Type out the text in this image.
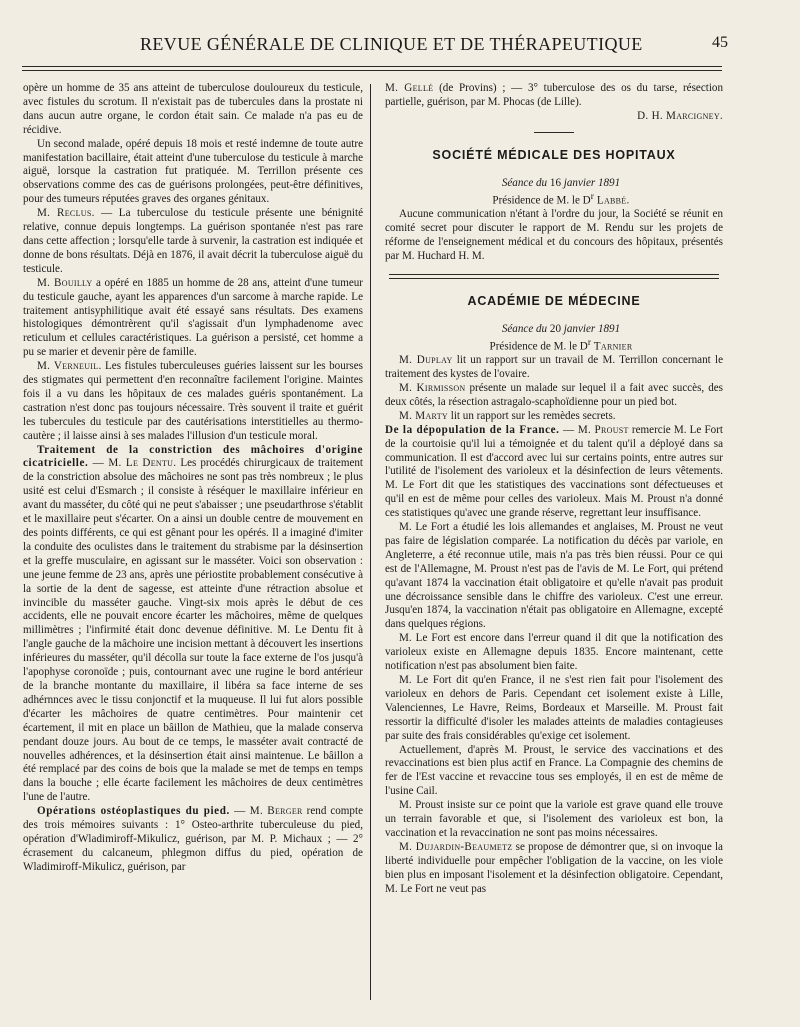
REVUE GÉNÉRALE DE CLINIQUE ET DE THÉRAPEUTIQUE	45

opère un homme de 35 ans atteint de tuberculose douloureux du testicule, avec fistules du scrotum. Il n'existait pas de tubercules dans la prostate ni dans aucun autre organe, le cordon était sain. Ce malade n'a pas eu de récidive.

Un second malade, opéré depuis 18 mois et resté indemne de toute autre manifestation bacillaire, était atteint d'une tuberculose du testicule à marche aiguë, lorsque la castration fut pratiquée. M. Terrillon présente ces observations comme des cas de guérisons prolongées, peut-être définitives, pour des tumeurs réputées graves des organes génitaux.

M. Reclus. — La tuberculose du testicule présente une bénignité relative, connue depuis longtemps. La guérison spontanée n'est pas rare dans cette affection ; lorsqu'elle tarde à survenir, la castration est indiquée et donne de bons résultats. Déjà en 1876, il avait décrit la tuberculose aiguë du testicule.

M. Bouilly a opéré en 1885 un homme de 28 ans, atteint d'une tumeur du testicule gauche, ayant les apparences d'un sarcome à marche rapide. Le traitement antisyphilitique avait été essayé sans résultats. Des examens histologiques démontrèrent qu'il s'agissait d'un lymphadenome avec reticulum et cellules caractéristiques. La guérison a persisté, cet homme a pu se marier et devenir père de famille.

M. Verneuil. Les fistules tuberculeuses guéries laissent sur les bourses des stigmates qui permettent d'en reconnaître facilement l'origine. Maintes fois il a vu dans les hôpitaux de ces malades guéris spontanément. La castration n'est donc pas toujours nécessaire. Très souvent il traite et guérit les tubercules du testicule par des cautérisations interstitielles au thermo-cautère ; il laisse ainsi à ses malades l'illusion d'un testicule moral.

Traitement de la constriction des mâchoires d'origine cicatricielle. — M. Le Dentu. Les procédés chirurgicaux de traitement de la constriction absolue des mâchoires ne sont pas très nombreux ; le plus usité est celui d'Esmarch ; il consiste à réséquer le maxillaire inférieur en avant du masséter, du côté qui ne peut s'abaisser ; une pseudarthrose s'établit et le maxillaire peut s'écarter. On a ainsi un double centre de mouvement en des points différents, ce qui est gênant pour les opérés. Il a imaginé d'imiter la conduite des oculistes dans le traitement du strabisme par la désinsertion et la greffe musculaire, en agissant sur le masséter. Voici son observation : une jeune femme de 23 ans, après une périostite probablement consécutive à la sortie de la dent de sagesse, est atteinte d'une rétraction absolue et invincible du masséter gauche. Vingt-six mois après le début de ces accidents, elle ne pouvait encore écarter les mâchoires, même de quelques millimètres ; l'infirmité était donc devenue définitive. M. Le Dentu fit à l'angle gauche de la mâchoire une incision mettant à découvert les insertions inférieures du masséter, qu'il décolla sur toute la face externe de l'os jusqu'à l'apophyse coronoïde ; puis, contournant avec une rugine le bord antérieur de la branche montante du maxillaire, il libéra sa face interne de ses adhérnnces avec le tissu conjonctif et la muqueuse. Il lui fut alors possible d'écarter les mâchoires de quatre centimètres. Pour maintenir cet écartement, il mit en place un bâillon de Mathieu, que la malade conserva pendant douze jours. Au bout de ce temps, le masséter avait contracté de nouvelles adhérences, et la désinsertion était ainsi maintenue. Le bâillon a été remplacé par des coins de bois que la malade se met de temps en temps dans la bouche ; elle écarte facilement les mâchoires de deux centimètres l'une de l'autre.

Opérations ostéoplastiques du pied. — M. Berger rend compte des trois mémoires suivants : 1° Osteo-arthrite tuberculeuse du pied, opération d'Wladimiroff-Mikulicz, guérison, par M. P. Michaux ; — 2° écrasement du calcaneum, phlegmon diffus du pied, opération de Wladimiroff-Mikulicz, guérison, par

M. Gellé (de Provins) ; — 3° tuberculose des os du tarse, résection partielle, guérison, par M. Phocas (de Lille).

D. H. Marcigney.

SOCIÉTÉ MÉDICALE DES HOPITAUX

Séance du 16 janvier 1891

Présidence de M. le $D^r$ Labbé.

Aucune communication n'étant à l'ordre du jour, la Société se réunit en comité secret pour discuter le rapport de M. Rendu sur les projets de réforme de l'enseignement médical et du concours des hôpitaux, présentés par M. Huchard H. M.

ACADÉMIE DE MÉDECINE

Séance du 20 janvier 1891

Présidence de M. le $D^r$ Tarnier

M. Duplay lit un rapport sur un travail de M. Terrillon concernant le traitement des kystes de l'ovaire.

M. Kirmisson présente un malade sur lequel il a fait avec succès, des deux côtés, la résection astragalo-scaphoïdienne pour un pied bot.

M. Marty lit un rapport sur les remèdes secrets.

De la dépopulation de la France. — M. Proust remercie M. Le Fort de la courtoisie qu'il lui a témoignée et du talent qu'il a déployé dans sa communication. Il est d'accord avec lui sur certains points, entre autres sur l'utilité de l'isolement des varioleux et la désinfection de leurs vêtements. M. Le Fort dit que les statistiques des vaccinations sont défectueuses et qu'il en est de même pour celles des varioleux. Mais M. Proust n'a donné ces statistiques qu'avec une grande réserve, regrettant leur insuffisance.

M. Le Fort a étudié les lois allemandes et anglaises, M. Proust ne veut pas faire de législation comparée. La notification du décès par variole, en Angleterre, a été reconnue utile, mais n'a pas très bien réussi. Pour ce qui est de l'Allemagne, M. Proust n'est pas de l'avis de M. Le Fort, qui prétend qu'avant 1874 la vaccination était obligatoire et qu'elle n'avait pas produit une décroissance sensible dans le chiffre des varioleux. C'est une erreur. Jusqu'en 1874, la vaccination n'était pas obligatoire en Allemagne, excepté dans quelques régions.

M. Le Fort est encore dans l'erreur quand il dit que la notification des varioleux existe en Allemagne depuis 1835. Encore maintenant, cette notification n'est pas absolument bien faite.

M. Le Fort dit qu'en France, il ne s'est rien fait pour l'isolement des varioleux en dehors de Paris. Cependant cet isolement existe à Lille, Valenciennes, Le Havre, Reims, Bordeaux et Marseille. M. Proust fait ressortir la difficulté d'isoler les malades atteints de maladies contagieuses par suite des frais considérables qu'exige cet isolement.

Actuellement, d'après M. Proust, le service des vaccinations et des revaccinations est bien plus actif en France. La Compagnie des chemins de fer de l'Est vaccine et revaccine tous ses employés, il en est de même de l'usine Cail.

M. Proust insiste sur ce point que la variole est grave quand elle trouve un terrain favorable et que, si l'isolement des varioleux est bon, la vaccination et la revaccination ne sont pas moins nécessaires.

M. Dujardin-Beaumetz se propose de démontrer que, si on invoque la liberté individuelle pour empêcher l'obligation de la vaccine, on les viole bien plus en imposant l'isolement et la désinfection obligatoire. Cependant, M. Le Fort ne veut pas
